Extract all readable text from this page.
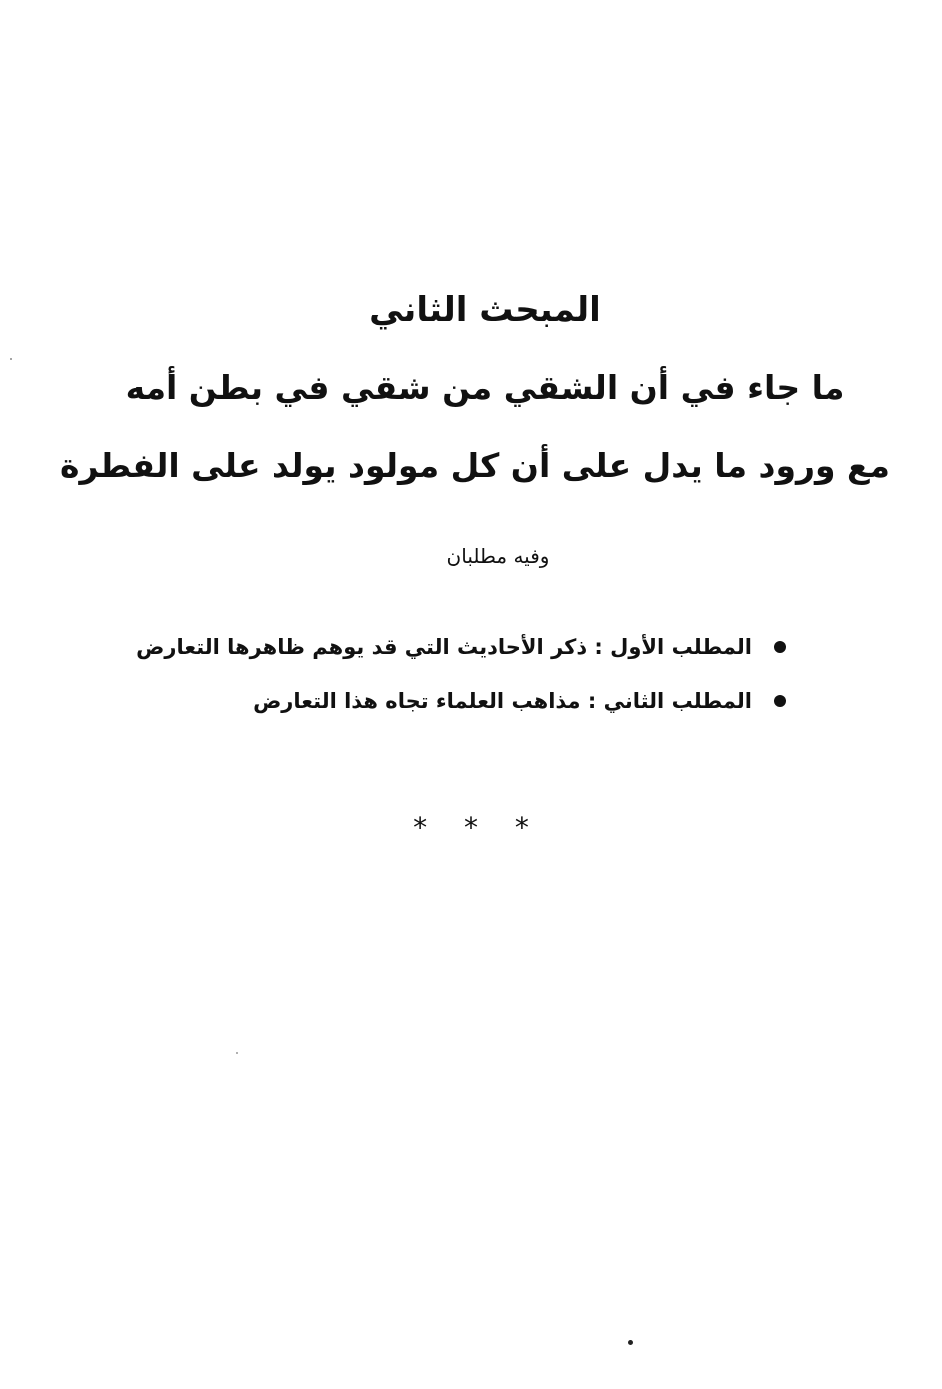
المبحث الثاني
ما جاء في أن الشقي من شقي في بطن أمه
مع ورود ما يدل على أن كل مولود يولد على الفطرة
وفيه مطلبان
المطلب الأول : ذكر الأحاديث التي قد يوهم ظاهرها التعارض
المطلب الثاني : مذاهب العلماء تجاه هذا التعارض
* * *
